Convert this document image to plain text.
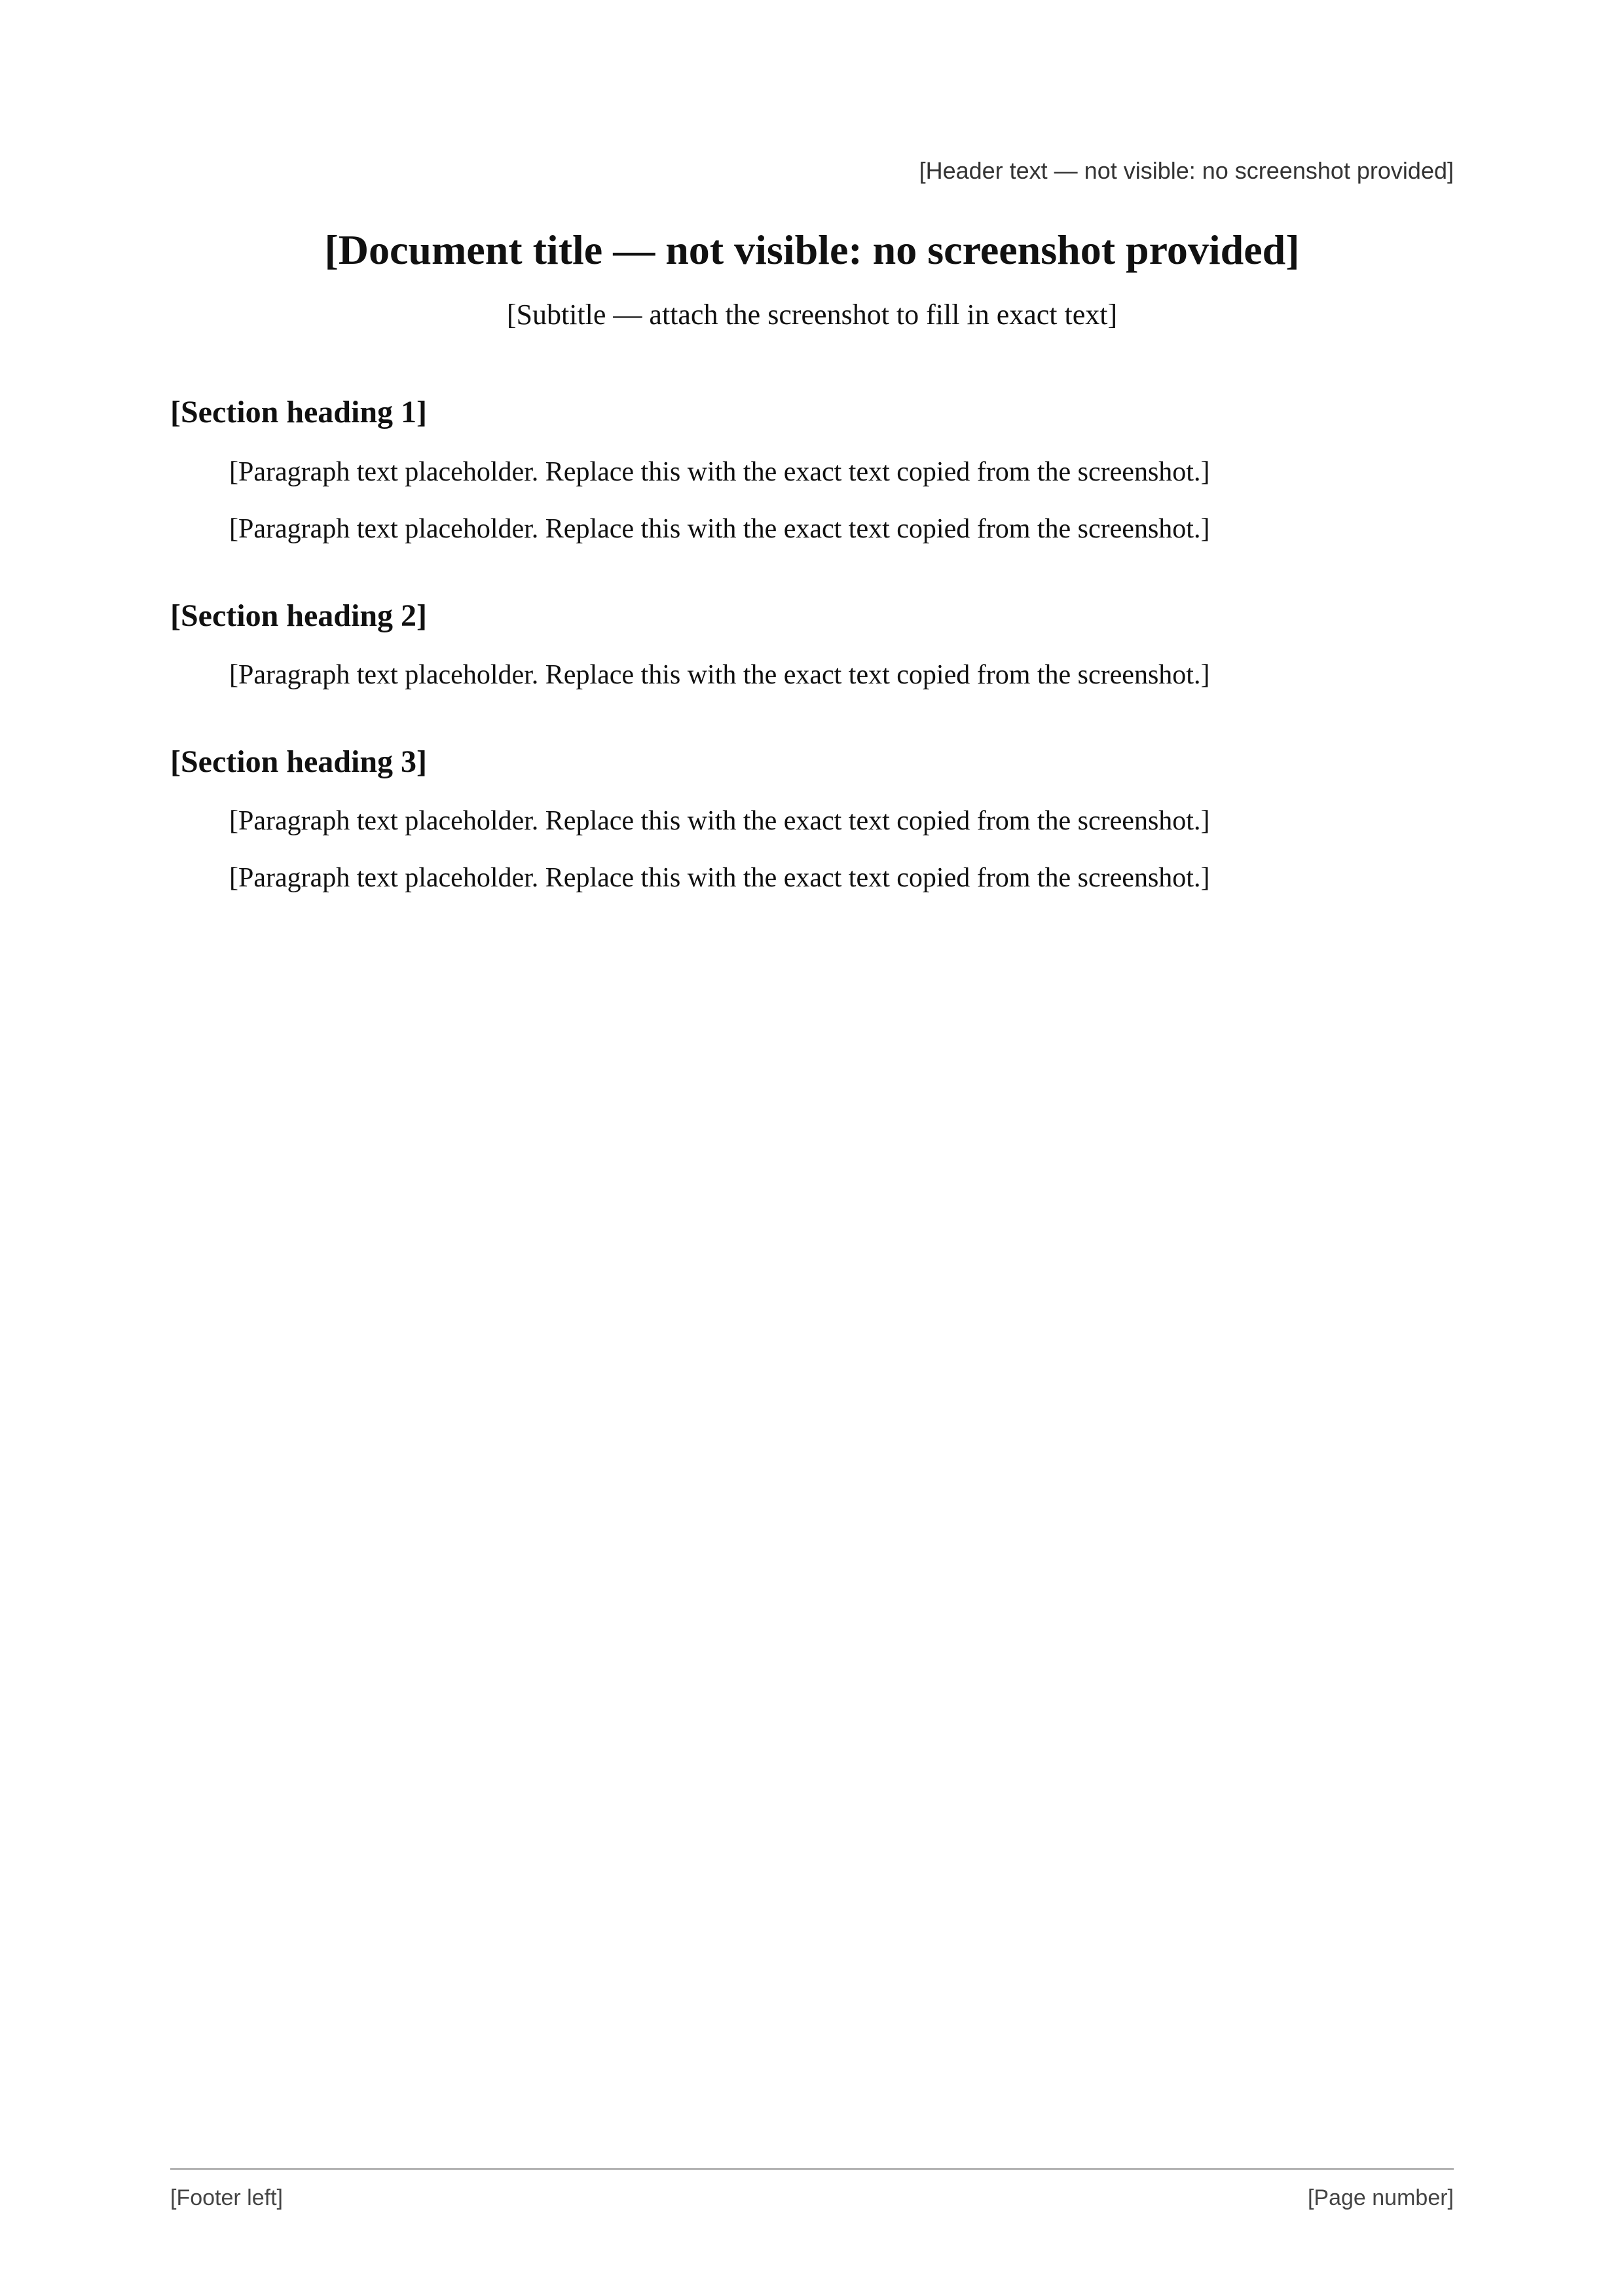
[Header text — not visible: no screenshot provided]
[Document title — not visible: no screenshot provided]
[Subtitle — attach the screenshot to fill in exact text]
[Section heading 1]

[Paragraph text placeholder. Replace this with the exact text copied from the screenshot.]

[Paragraph text placeholder. Replace this with the exact text copied from the screenshot.]

[Section heading 2]

[Paragraph text placeholder. Replace this with the exact text copied from the screenshot.]

[Section heading 3]

[Paragraph text placeholder. Replace this with the exact text copied from the screenshot.]

[Paragraph text placeholder. Replace this with the exact text copied from the screenshot.]

[Footer left]	[Page number]
